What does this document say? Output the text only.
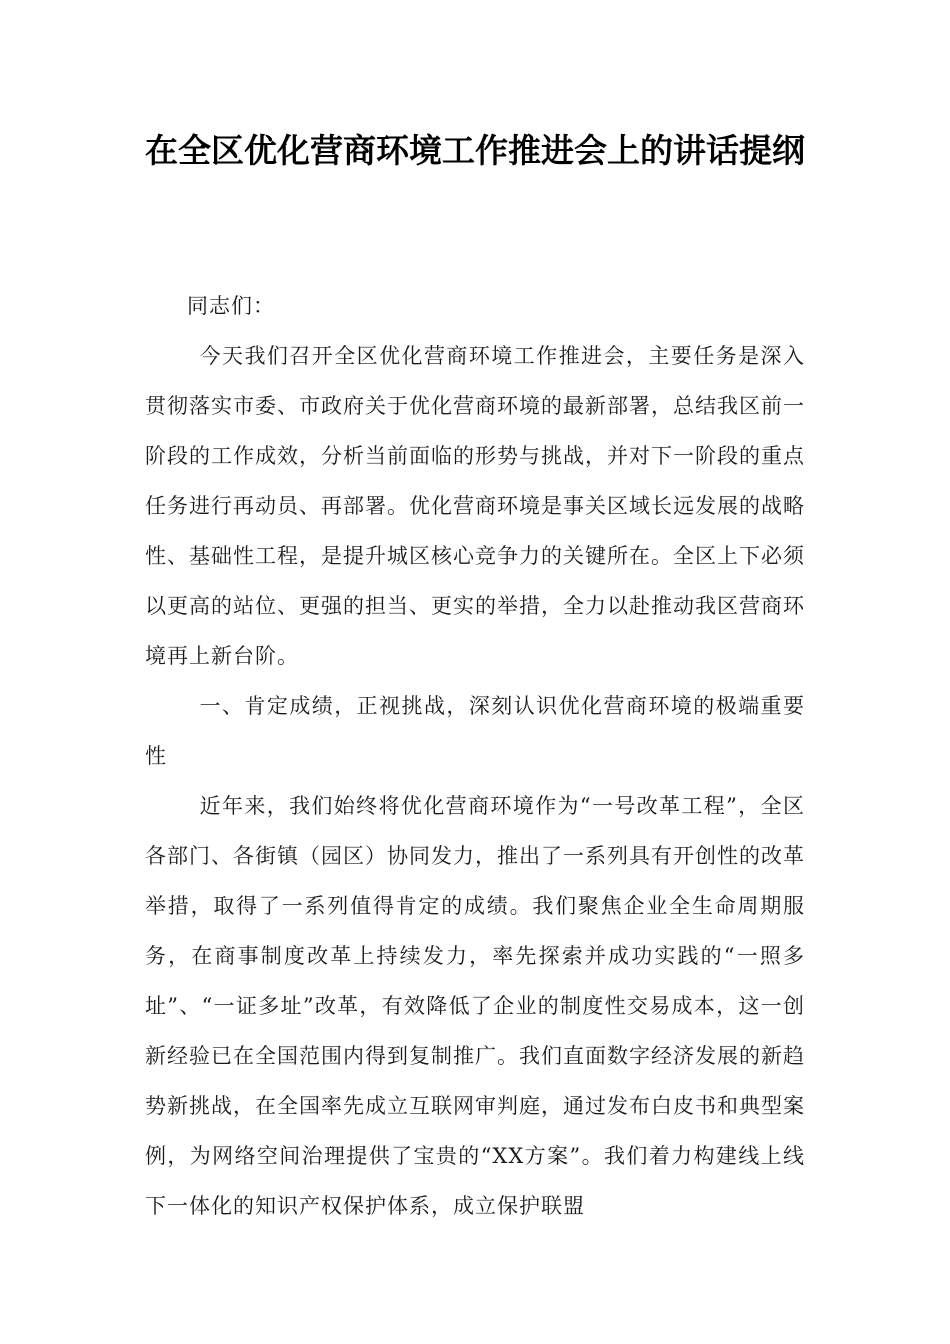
在全区优化营商环境工作推进会上的讲话提纲

同志们：

今天我们召开全区优化营商环境工作推进会，主要任务是深入贯彻落实市委、市政府关于优化营商环境的最新部署，总结我区前一阶段的工作成效，分析当前面临的形势与挑战，并对下一阶段的重点任务进行再动员、再部署。优化营商环境是事关区域长远发展的战略性、基础性工程，是提升城区核心竞争力的关键所在。全区上下必须以更高的站位、更强的担当、更实的举措，全力以赴推动我区营商环境再上新台阶。

一、肯定成绩，正视挑战，深刻认识优化营商环境的极端重要性

近年来，我们始终将优化营商环境作为“一号改革工程”，全区各部门、各街镇（园区）协同发力，推出了一系列具有开创性的改革举措，取得了一系列值得肯定的成绩。我们聚焦企业全生命周期服务，在商事制度改革上持续发力，率先探索并成功实践的“一照多址”、“一证多址”改革，有效降低了企业的制度性交易成本，这一创新经验已在全国范围内得到复制推广。我们直面数字经济发展的新趋势新挑战，在全国率先成立互联网审判庭，通过发布白皮书和典型案例，为网络空间治理提供了宝贵的“XX方案”。我们着力构建线上线下一体化的知识产权保护体系，成立保护联盟
